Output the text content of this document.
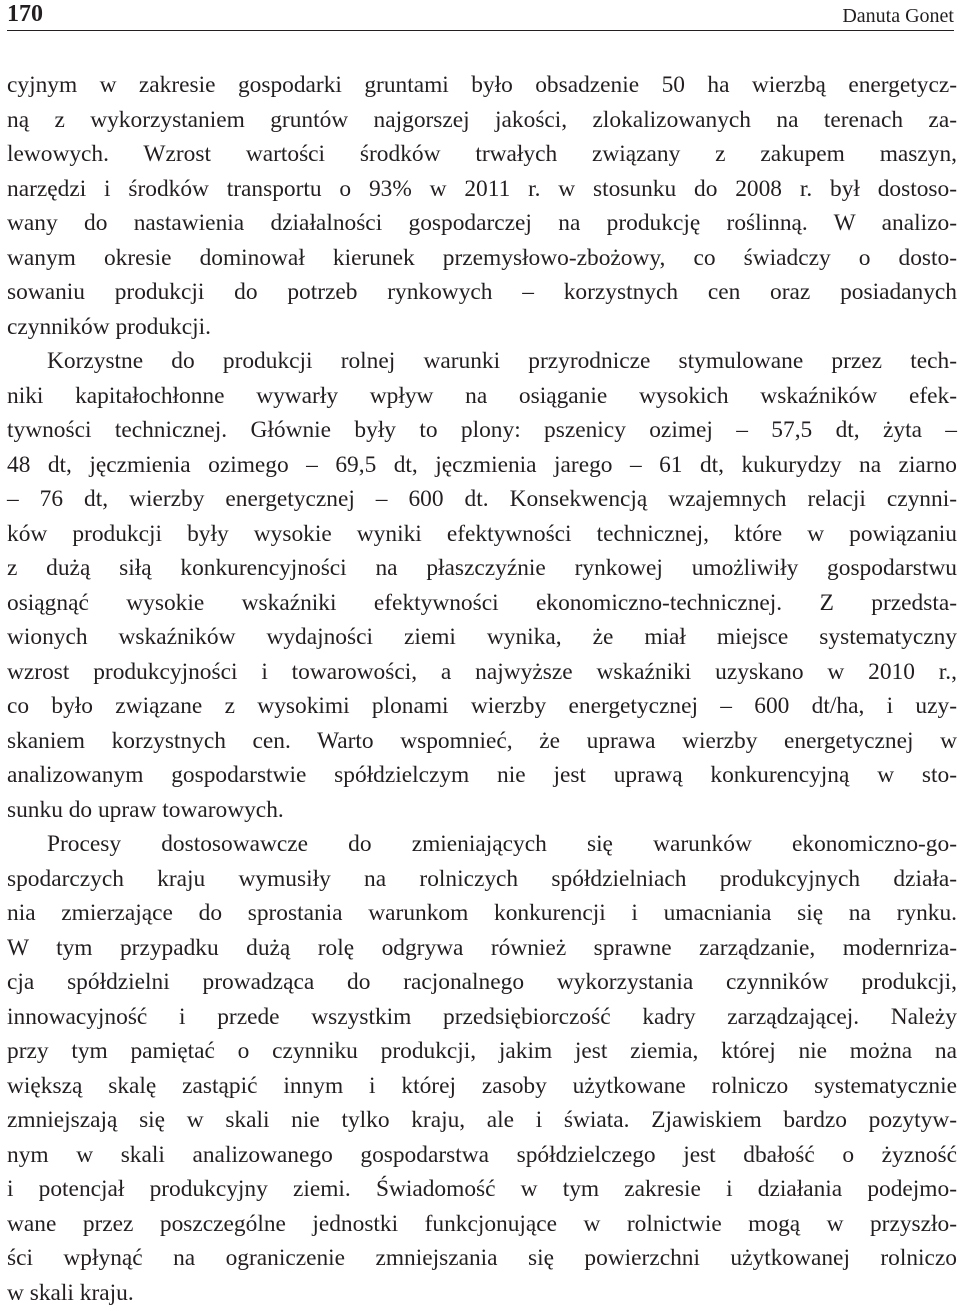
170	Danuta Gonet
cyjnym w zakresie gospodarki gruntami było obsadzenie 50 ha wierzbą energetycz-
ną z wykorzystaniem gruntów najgorszej jakości, zlokalizowanych na terenach za-
lewowych. Wzrost wartości środków trwałych związany z zakupem maszyn,
narzędzi i środków transportu o 93% w 2011 r. w stosunku do 2008 r. był dostoso-
wany do nastawienia działalności gospodarczej na produkcję roślinną. W analizo-
wanym okresie dominował kierunek przemysłowo-zbożowy, co świadczy o dosto-
sowaniu produkcji do potrzeb rynkowych – korzystnych cen oraz posiadanych
czynników produkcji.
Korzystne do produkcji rolnej warunki przyrodnicze stymulowane przez tech-
niki kapitałochłonne wywarły wpływ na osiąganie wysokich wskaźników efek-
tywności technicznej. Głównie były to plony: pszenicy ozimej – 57,5 dt, żyta –
48 dt, jęczmienia ozimego – 69,5 dt, jęczmienia jarego – 61 dt, kukurydzy na ziarno
– 76 dt, wierzby energetycznej – 600 dt. Konsekwencją wzajemnych relacji czynni-
ków produkcji były wysokie wyniki efektywności technicznej, które w powiązaniu
z dużą siłą konkurencyjności na płaszczyźnie rynkowej umożliwiły gospodarstwu
osiągnąć wysokie wskaźniki efektywności ekonomiczno-technicznej. Z przedsta-
wionych wskaźników wydajności ziemi wynika, że miał miejsce systematyczny
wzrost produkcyjności i towarowości, a najwyższe wskaźniki uzyskano w 2010 r.,
co było związane z wysokimi plonami wierzby energetycznej – 600 dt/ha, i uzy-
skaniem korzystnych cen. Warto wspomnieć, że uprawa wierzby energetycznej w
analizowanym gospodarstwie spółdzielczym nie jest uprawą konkurencyjną w sto-
sunku do upraw towarowych.
Procesy dostosowawcze do zmieniających się warunków ekonomiczno-go-
spodarczych kraju wymusiły na rolniczych spółdzielniach produkcyjnych działa-
nia zmierzające do sprostania warunkom konkurencji i umacniania się na rynku.
W tym przypadku dużą rolę odgrywa również sprawne zarządzanie, modernriza-
cja spółdzielni prowadząca do racjonalnego wykorzystania czynników produkcji,
innowacyjność i przede wszystkim przedsiębiorczość kadry zarządzającej. Należy
przy tym pamiętać o czynniku produkcji, jakim jest ziemia, której nie można na
większą skalę zastąpić innym i której zasoby użytkowane rolniczo systematycznie
zmniejszają się w skali nie tylko kraju, ale i świata. Zjawiskiem bardzo pozytyw-
nym w skali analizowanego gospodarstwa spółdzielczego jest dbałość o żyzność
i potencjał produkcyjny ziemi. Świadomość w tym zakresie i działania podejmo-
wane przez poszczególne jednostki funkcjonujące w rolnictwie mogą w przyszło-
ści wpłynąć na ograniczenie zmniejszania się powierzchni użytkowanej rolniczo
w skali kraju.
